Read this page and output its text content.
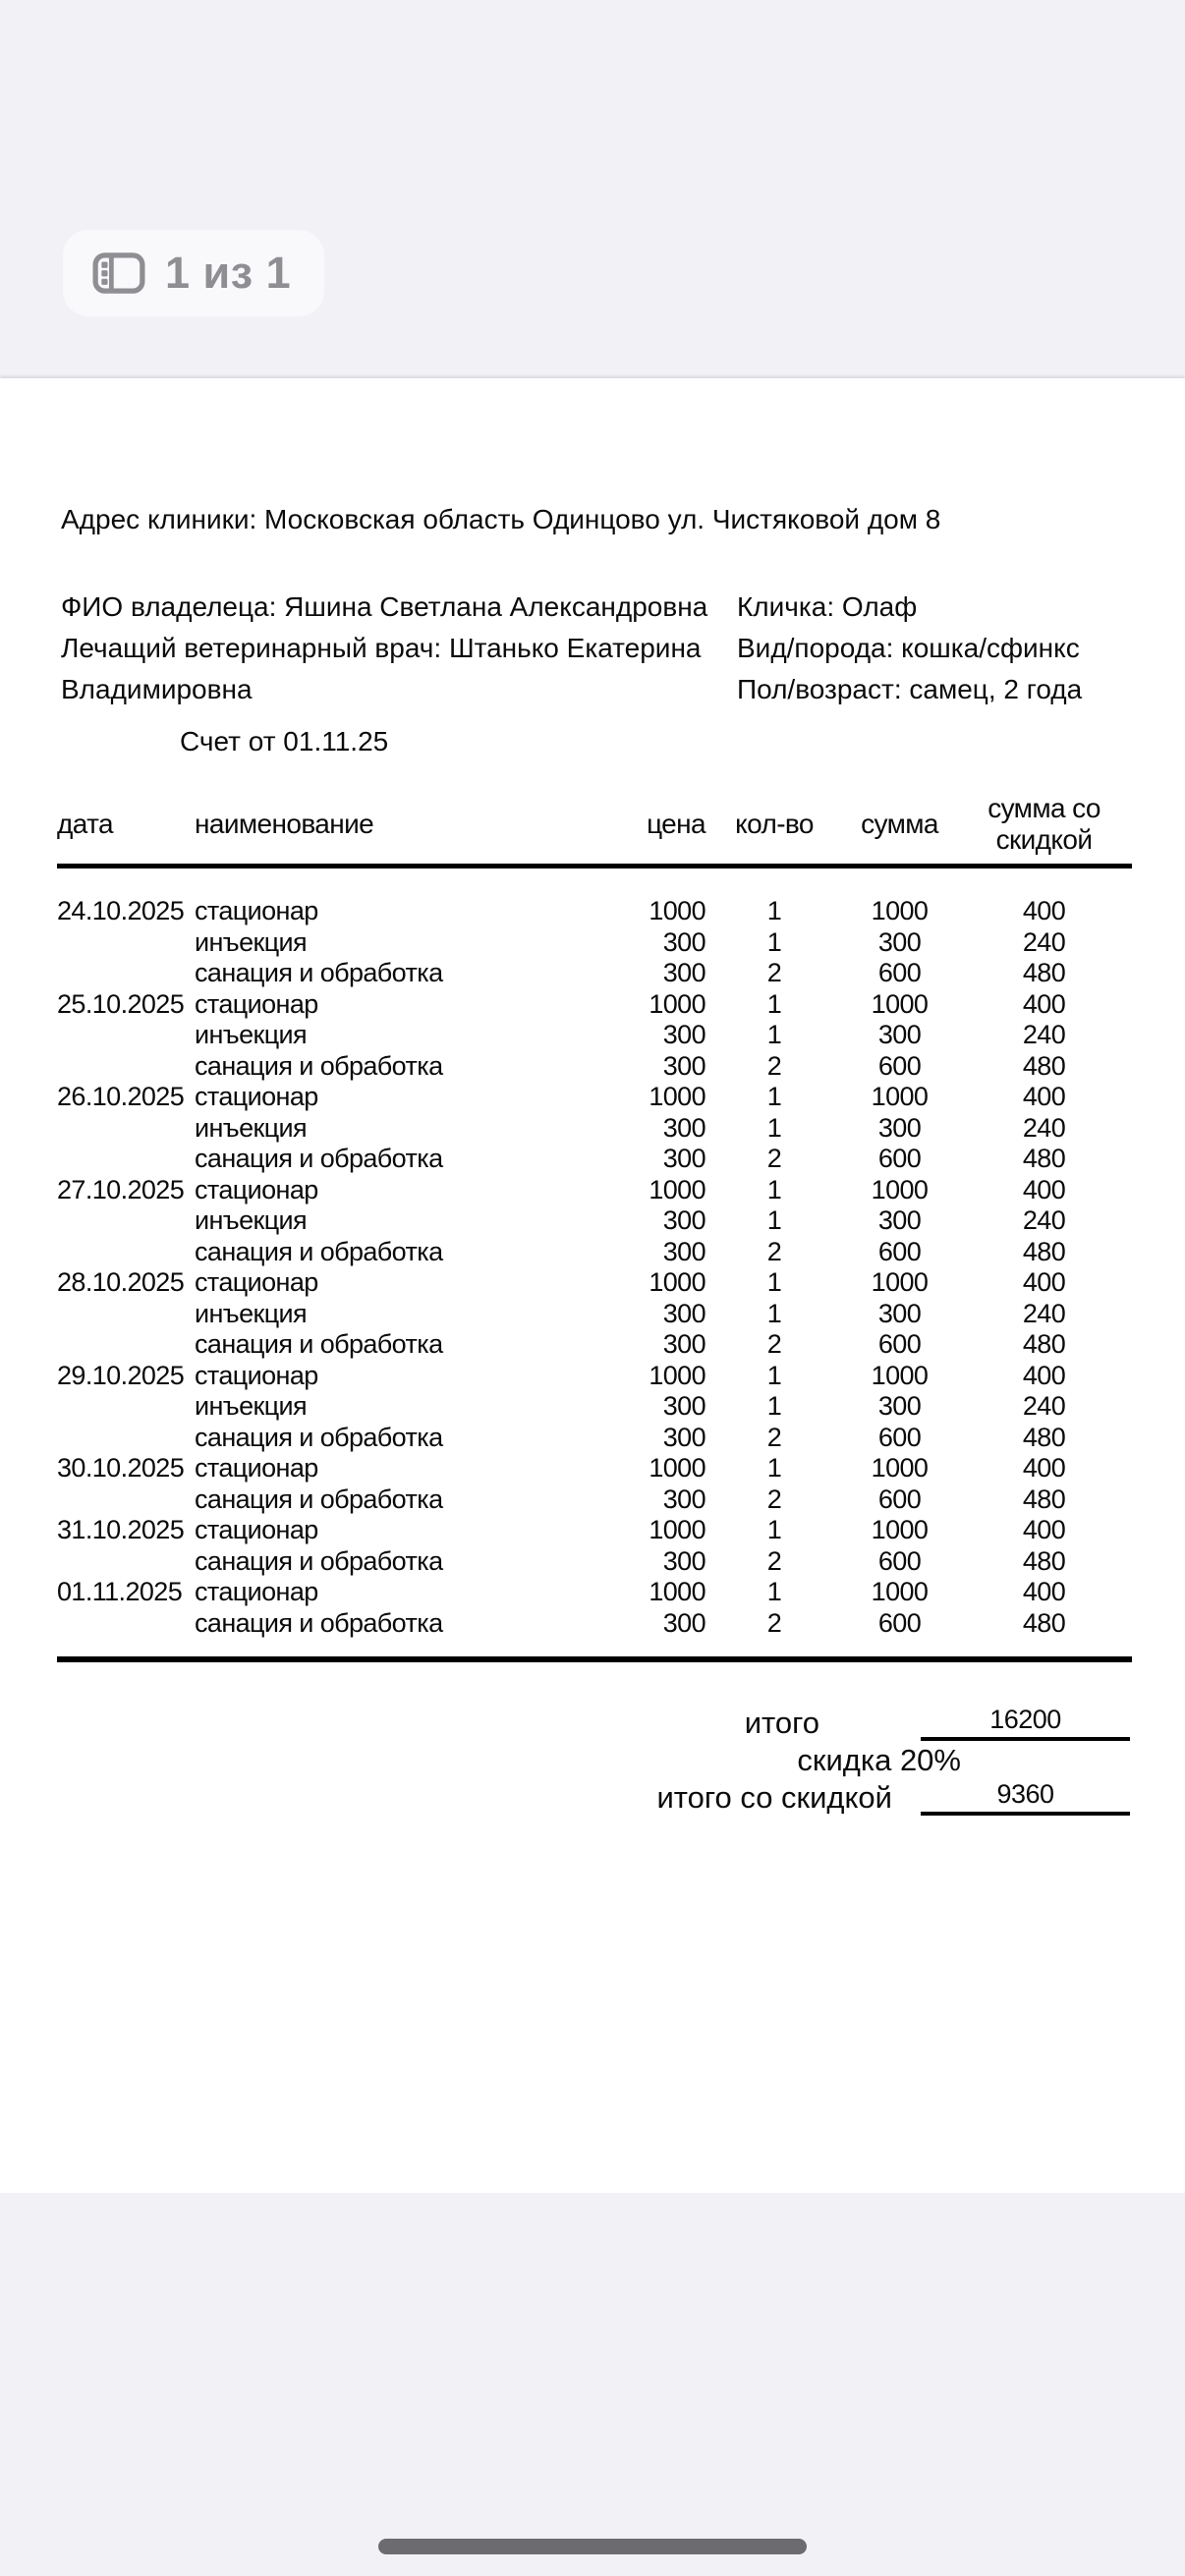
1 из 1
Адрес клиники: Московская область Одинцово ул. Чистяковой дом 8
ФИО владелеца: Яшина Светлана Александровна
Лечащий ветеринарный врач: Штанько Екатерина Владимировна
Кличка: Олаф
Вид/порода: кошка/сфинкс
Пол/возраст: самец, 2 года
Счет от 01.11.25
дата	наименование	цена	кол-во	сумма	сумма со скидкой
24.10.2025	стационар	1000	1	1000	400
	инъекция	300	1	300	240
	санация и обработка	300	2	600	480
25.10.2025	стационар	1000	1	1000	400
	инъекция	300	1	300	240
	санация и обработка	300	2	600	480
26.10.2025	стационар	1000	1	1000	400
	инъекция	300	1	300	240
	санация и обработка	300	2	600	480
27.10.2025	стационар	1000	1	1000	400
	инъекция	300	1	300	240
	санация и обработка	300	2	600	480
28.10.2025	стационар	1000	1	1000	400
	инъекция	300	1	300	240
	санация и обработка	300	2	600	480
29.10.2025	стационар	1000	1	1000	400
	инъекция	300	1	300	240
	санация и обработка	300	2	600	480
30.10.2025	стационар	1000	1	1000	400
	санация и обработка	300	2	600	480
31.10.2025	стационар	1000	1	1000	400
	санация и обработка	300	2	600	480
01.11.2025	стационар	1000	1	1000	400
	санация и обработка	300	2	600	480
итого	16200
скидка 20%
итого со скидкой	9360
